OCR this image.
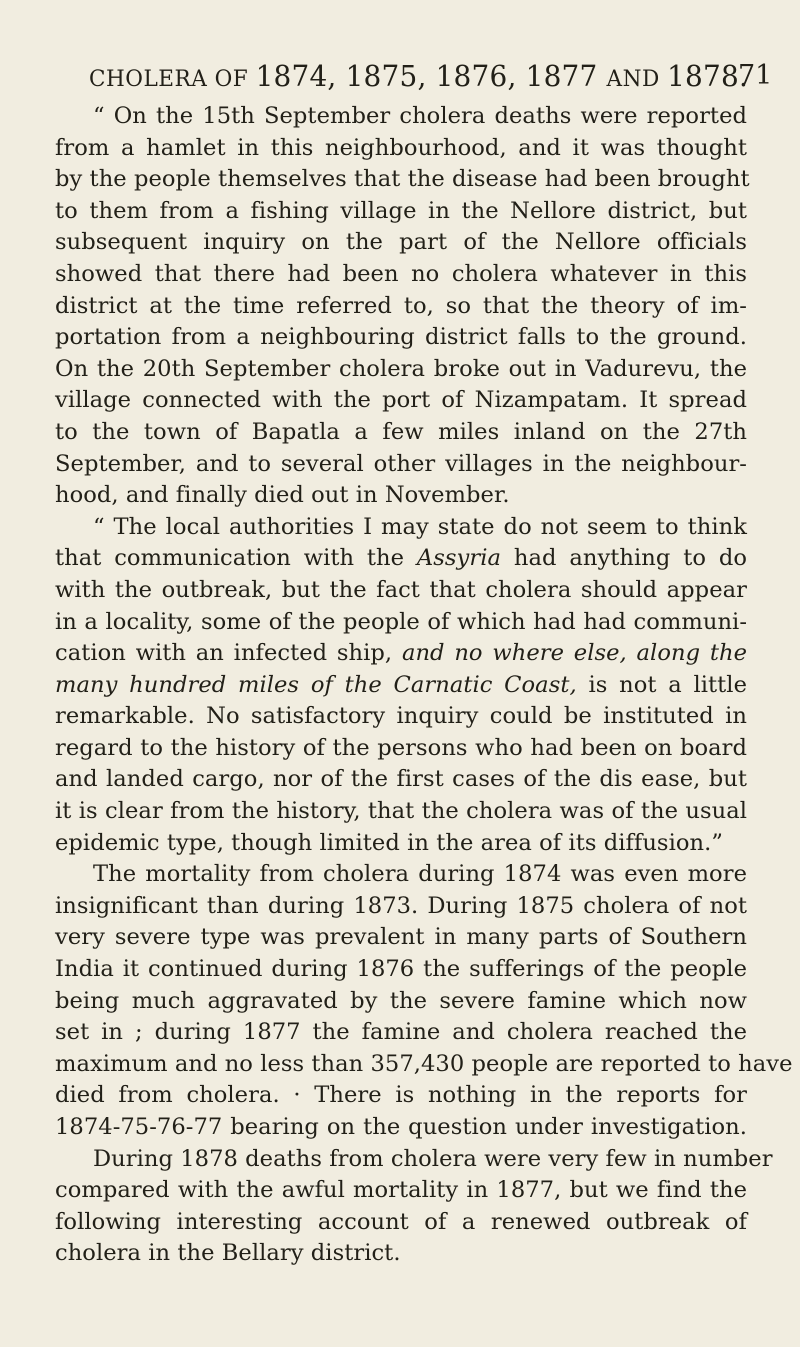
CHOLERA OF 1874, 1875, 1876, 1877 AND 1878.
71
“ On the 15th September cholera deaths were reported
from a hamlet in this neighbourhood, and it was thought
by the people themselves that the disease had been brought
to them from a fishing village in the Nellore district, but
subsequent inquiry on the part of the Nellore officials
showed that there had been no cholera whatever in this
district at the time referred to, so that the theory of im-
portation from a neighbouring district falls to the ground.
On the 20th September cholera broke out in Vadurevu, the
village connected with the port of Nizampatam. It spread
to the town of Bapatla a few miles inland on the 27th
September, and to several other villages in the neighbour-
hood, and finally died out in November.
“ The local authorities I may state do not seem to think
that communication with the Assyria had anything to do
with the outbreak, but the fact that cholera should appear
in a locality, some of the people of which had had communi-
cation with an infected ship, and no where else, along the
many hundred miles of the Carnatic Coast, is not a little
remarkable. No satisfactory inquiry could be instituted in
regard to the history of the persons who had been on board
and landed cargo, nor of the first cases of the dis ease, but
it is clear from the history, that the cholera was of the usual
epidemic type, though limited in the area of its diffusion.”
The mortality from cholera during 1874 was even more
insignificant than during 1873. During 1875 cholera of not
very severe type was prevalent in many parts of Southern
India it continued during 1876 the sufferings of the people
being much aggravated by the severe famine which now
set in ; during 1877 the famine and cholera reached the
maximum and no less than 357,430 people are reported to have
died from cholera. · There is nothing in the reports for
1874-75-76-77 bearing on the question under investigation.
During 1878 deaths from cholera were very few in number
compared with the awful mortality in 1877, but we find the
following interesting account of a renewed outbreak of
cholera in the Bellary district.
